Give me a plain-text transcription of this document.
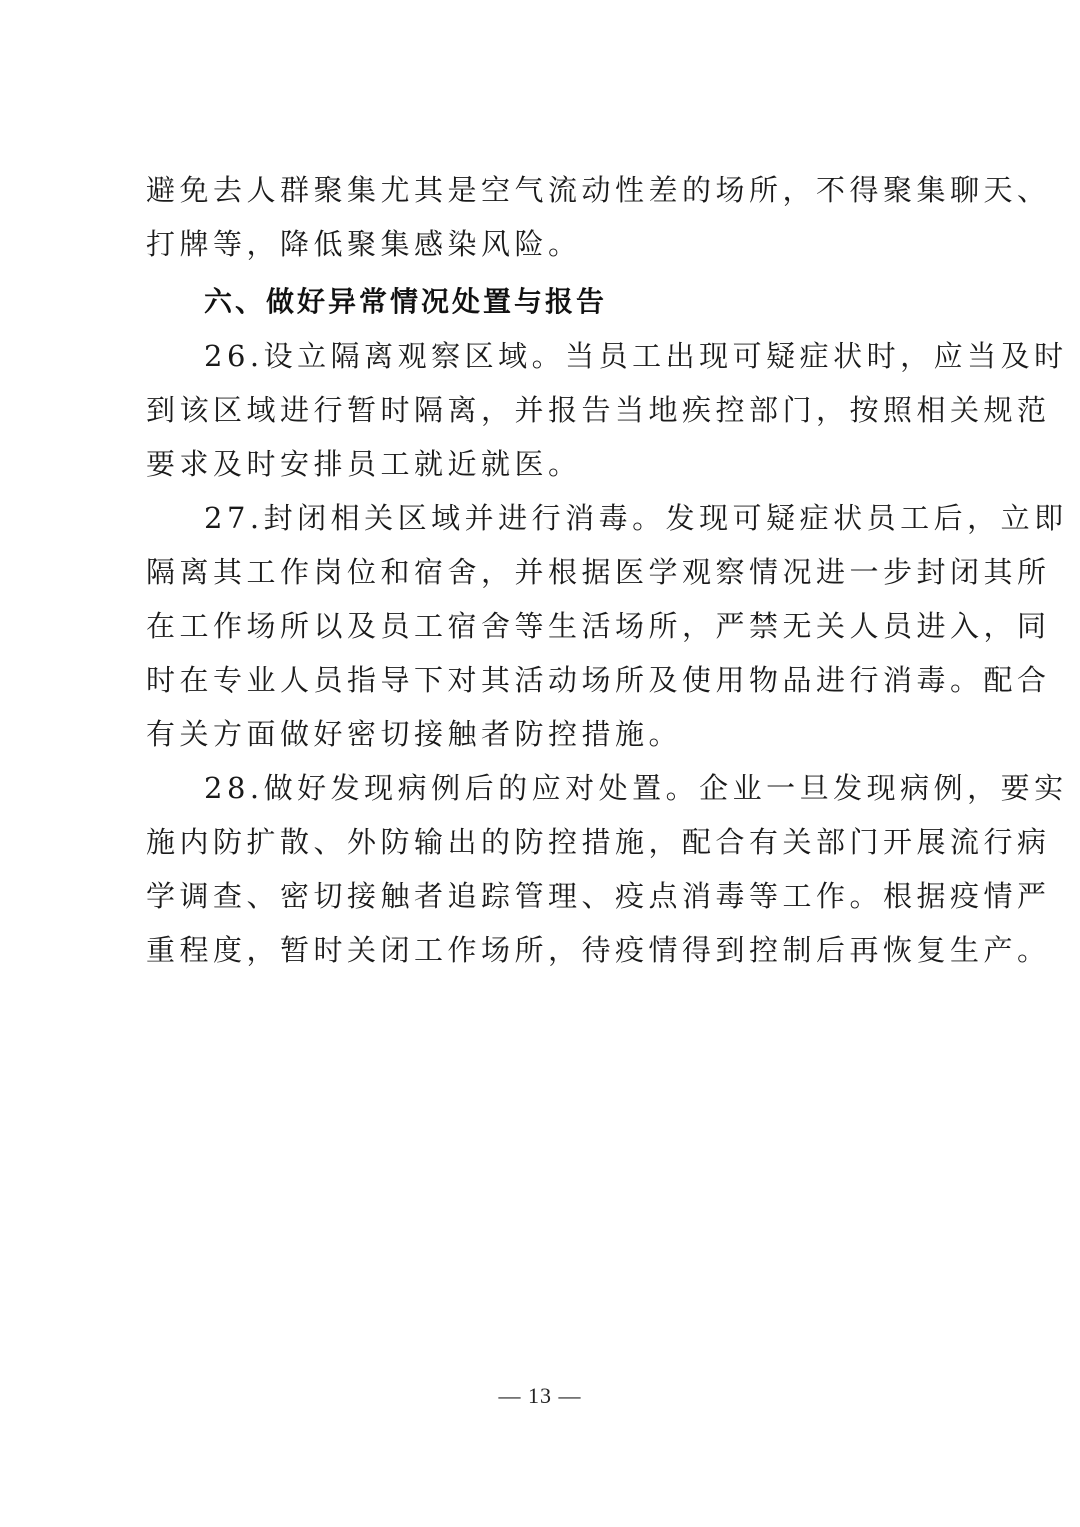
避免去人群聚集尤其是空气流动性差的场所，不得聚集聊天、
打牌等，降低聚集感染风险。
六、做好异常情况处置与报告
26.设立隔离观察区域。当员工出现可疑症状时，应当及时
到该区域进行暂时隔离，并报告当地疾控部门，按照相关规范
要求及时安排员工就近就医。
27.封闭相关区域并进行消毒。发现可疑症状员工后，立即
隔离其工作岗位和宿舍，并根据医学观察情况进一步封闭其所
在工作场所以及员工宿舍等生活场所，严禁无关人员进入，同
时在专业人员指导下对其活动场所及使用物品进行消毒。配合
有关方面做好密切接触者防控措施。
28.做好发现病例后的应对处置。企业一旦发现病例，要实
施内防扩散、外防输出的防控措施，配合有关部门开展流行病
学调查、密切接触者追踪管理、疫点消毒等工作。根据疫情严
重程度，暂时关闭工作场所，待疫情得到控制后再恢复生产。
— 13 —
